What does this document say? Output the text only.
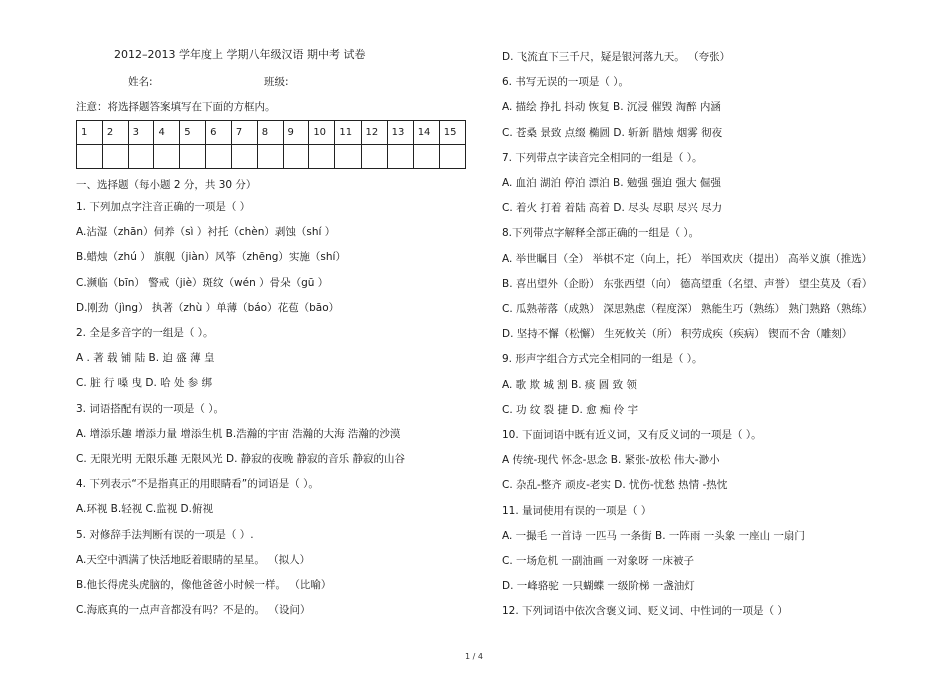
2012–2013 学年度上 学期八年级汉语 期中考 试卷
姓名:	班级:
注意：将选择题答案填写在下面的方框内。
1	2	3	4	5	6	7	8	9	10	11	12	13	14	15

一、选择题（每小题 2 分，共 30 分）
1. 下列加点字注音正确的一项是（ ）
A.沾湿（zhān）伺养（sì ）衬托（chèn）剥蚀（shí ）
B.蜡烛（zhú ） 旗舰（jiàn）风筝（zhēng）实施（shí）
C.濒临（bīn） 警戒（jiè）斑纹（wén ）骨朵（gū ）
D.刚劲（jìng） 执著（zhù ）单薄（báo）花苞（bāo）
2. 全是多音字的一组是（ ）。
A . 著 载 铺 陆 B. 迫 盛 薄 皇
C. 脏 行 嗓 曳 D. 哈 处 参 绑
3. 词语搭配有误的一项是（ ）。
A. 增添乐趣 增添力量 增添生机 B.浩瀚的宇宙 浩瀚的大海 浩瀚的沙漠
C. 无限光明 无限乐趣 无限风光 D. 静寂的夜晚 静寂的音乐 静寂的山谷
4. 下列表示“不是指真正的用眼睛看”的词语是（ ）。
A.环视 B.轻视 C.监视 D.俯视
5. 对修辞手法判断有误的一项是（ ）.
A.天空中洒满了快活地眨着眼睛的星星。 （拟人）
B.他长得虎头虎脑的，像他爸爸小时候一样。 （比喻）
C.海底真的一点声音都没有吗？不是的。 （设问）
D. 飞流直下三千尺，疑是银河落九天。 （夸张）
6. 书写无误的一项是（ ）。
A. 描绘 挣扎 抖动 恢复 B. 沉浸 催毁 淘醉 内涵
C. 苍桑 景致 点缀 椭圆 D. 斩新 腊烛 烟雾 彻夜
7. 下列带点字读音完全相同的一组是（ ）。
A. 血泊 湖泊 停泊 漂泊 B. 勉强 强迫 强大 倔强
C. 着火 打着 着陆 高着 D. 尽头 尽职 尽兴 尽力
8.下列带点字解释全部正确的一组是（ ）。
A. 举世瞩目（全） 举棋不定（向上，托） 举国欢庆（提出） 高举义旗（推选）
B. 喜出望外（企盼） 东张西望（向） 德高望重（名望、声誉） 望尘莫及（看）
C. 瓜熟蒂落（成熟） 深思熟虑（程度深） 熟能生巧（熟练） 熟门熟路（熟练）
D. 坚持不懈（松懈） 生死攸关（所） 积劳成疾（疾病） 锲而不舍（雕刻）
9. 形声字组合方式完全相同的一组是（ ）。
A. 歌 欺 城 割 B. 痰 圆 致 领
C. 功 纹 裂 捷 D. 愈 痴 伶 宇
10. 下面词语中既有近义词，又有反义词的一项是（ ）。
A 传统-现代 怀念-思念 B. 紧张-放松 伟大-渺小
C. 杂乱-整齐 顽皮-老实 D. 忧伤-忧愁 热情 -热忱
11. 量词使用有误的一项是（ ）
A. 一撮毛 一首诗 一匹马 一条街 B. 一阵雨 一头象 一座山 一扇门
C. 一场危机 一副油画 一对象呀 一床被子
D. 一峰骆驼 一只蝴蝶 一级阶梯 一盏油灯
12. 下列词语中依次含褒义词、贬义词、中性词的一项是（ ）
1 / 4
